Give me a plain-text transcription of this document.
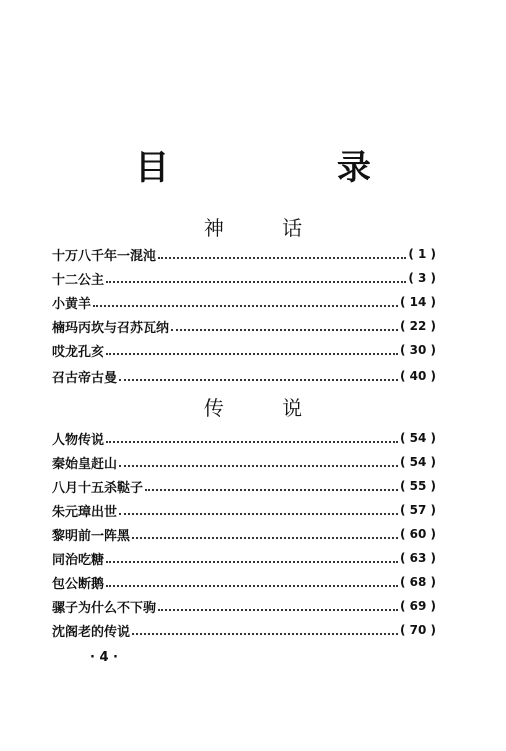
目 录
神 话
十万八千年一混沌	( 1 )
十二公主	( 3 )
小黄羊	( 14 )
楠玛丙坎与召苏瓦纳	( 22 )
哎龙孔亥	( 30 )
召古帝古曼	( 40 )
传 说
人物传说	( 54 )
秦始皇赶山	( 54 )
八月十五杀鞑子	( 55 )
朱元璋出世	( 57 )
黎明前一阵黑	( 60 )
同治吃糖	( 63 )
包公断鹅	( 68 )
骡子为什么不下驹	( 69 )
沈阁老的传说	( 70 )
· 4 ·
